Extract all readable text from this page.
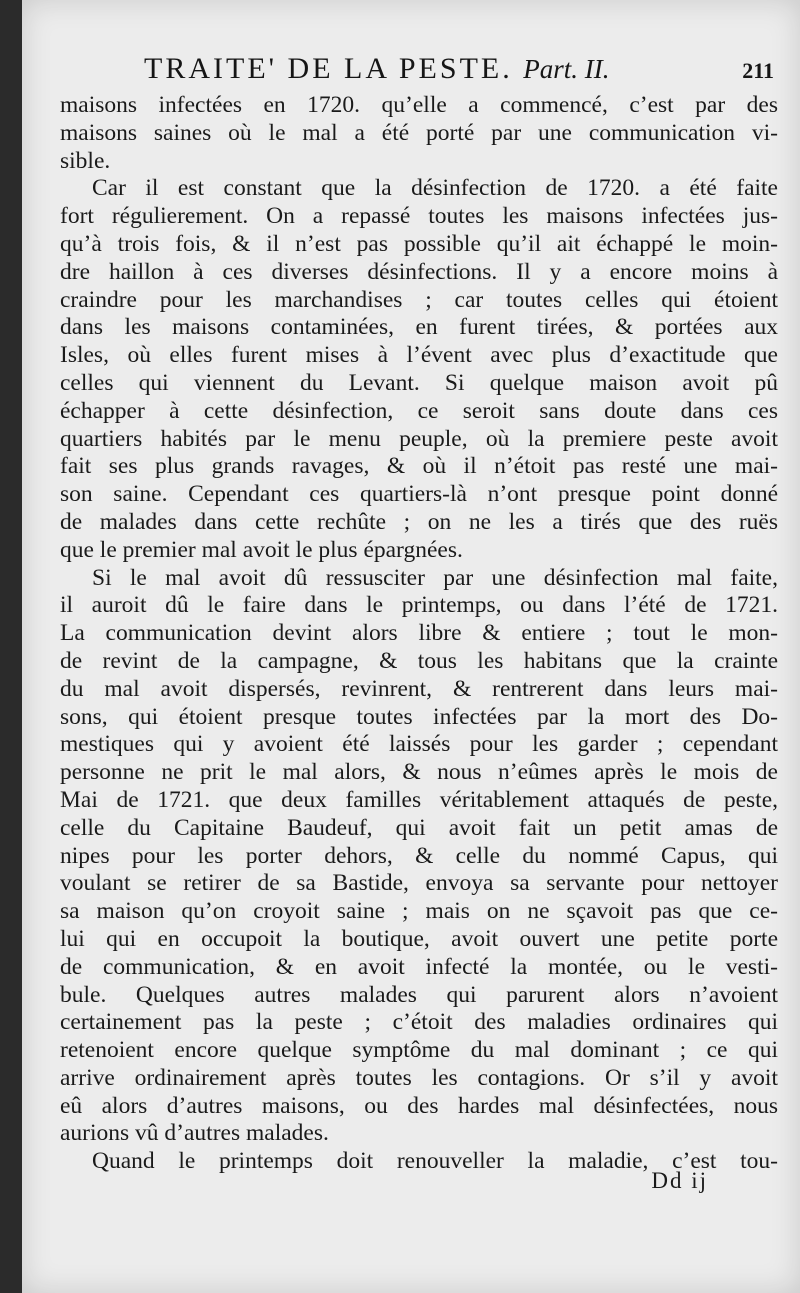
TRAITE' DE LA PESTE. Part. II.	211
maisons infectées en 1720. qu’elle a commencé, c’est par des
maisons saines où le mal a été porté par une communication vi-
sible.
Car il est constant que la désinfection de 1720. a été faite
fort régulierement. On a repassé toutes les maisons infectées jus-
qu’à trois fois, & il n’est pas possible qu’il ait échappé le moin-
dre haillon à ces diverses désinfections. Il y a encore moins à
craindre pour les marchandises ; car toutes celles qui étoient
dans les maisons contaminées, en furent tirées, & portées aux
Isles, où elles furent mises à l’évent avec plus d’exactitude que
celles qui viennent du Levant. Si quelque maison avoit pû
échapper à cette désinfection, ce seroit sans doute dans ces
quartiers habités par le menu peuple, où la premiere peste avoit
fait ses plus grands ravages, & où il n’étoit pas resté une mai-
son saine. Cependant ces quartiers-là n’ont presque point donné
de malades dans cette rechûte ; on ne les a tirés que des ruës
que le premier mal avoit le plus épargnées.
Si le mal avoit dû ressusciter par une désinfection mal faite,
il auroit dû le faire dans le printemps, ou dans l’été de 1721.
La communication devint alors libre & entiere ; tout le mon-
de revint de la campagne, & tous les habitans que la crainte
du mal avoit dispersés, revinrent, & rentrerent dans leurs mai-
sons, qui étoient presque toutes infectées par la mort des Do-
mestiques qui y avoient été laissés pour les garder ; cependant
personne ne prit le mal alors, & nous n’eûmes après le mois de
Mai de 1721. que deux familles véritablement attaqués de peste,
celle du Capitaine Baudeuf, qui avoit fait un petit amas de
nipes pour les porter dehors, & celle du nommé Capus, qui
voulant se retirer de sa Bastide, envoya sa servante pour nettoyer
sa maison qu’on croyoit saine ; mais on ne sçavoit pas que ce-
lui qui en occupoit la boutique, avoit ouvert une petite porte
de communication, & en avoit infecté la montée, ou le vesti-
bule. Quelques autres malades qui parurent alors n’avoient
certainement pas la peste ; c’étoit des maladies ordinaires qui
retenoient encore quelque symptôme du mal dominant ; ce qui
arrive ordinairement après toutes les contagions. Or s’il y avoit
eû alors d’autres maisons, ou des hardes mal désinfectées, nous
aurions vû d’autres malades.
Quand le printemps doit renouveller la maladie, c’est tou-
Dd ij
